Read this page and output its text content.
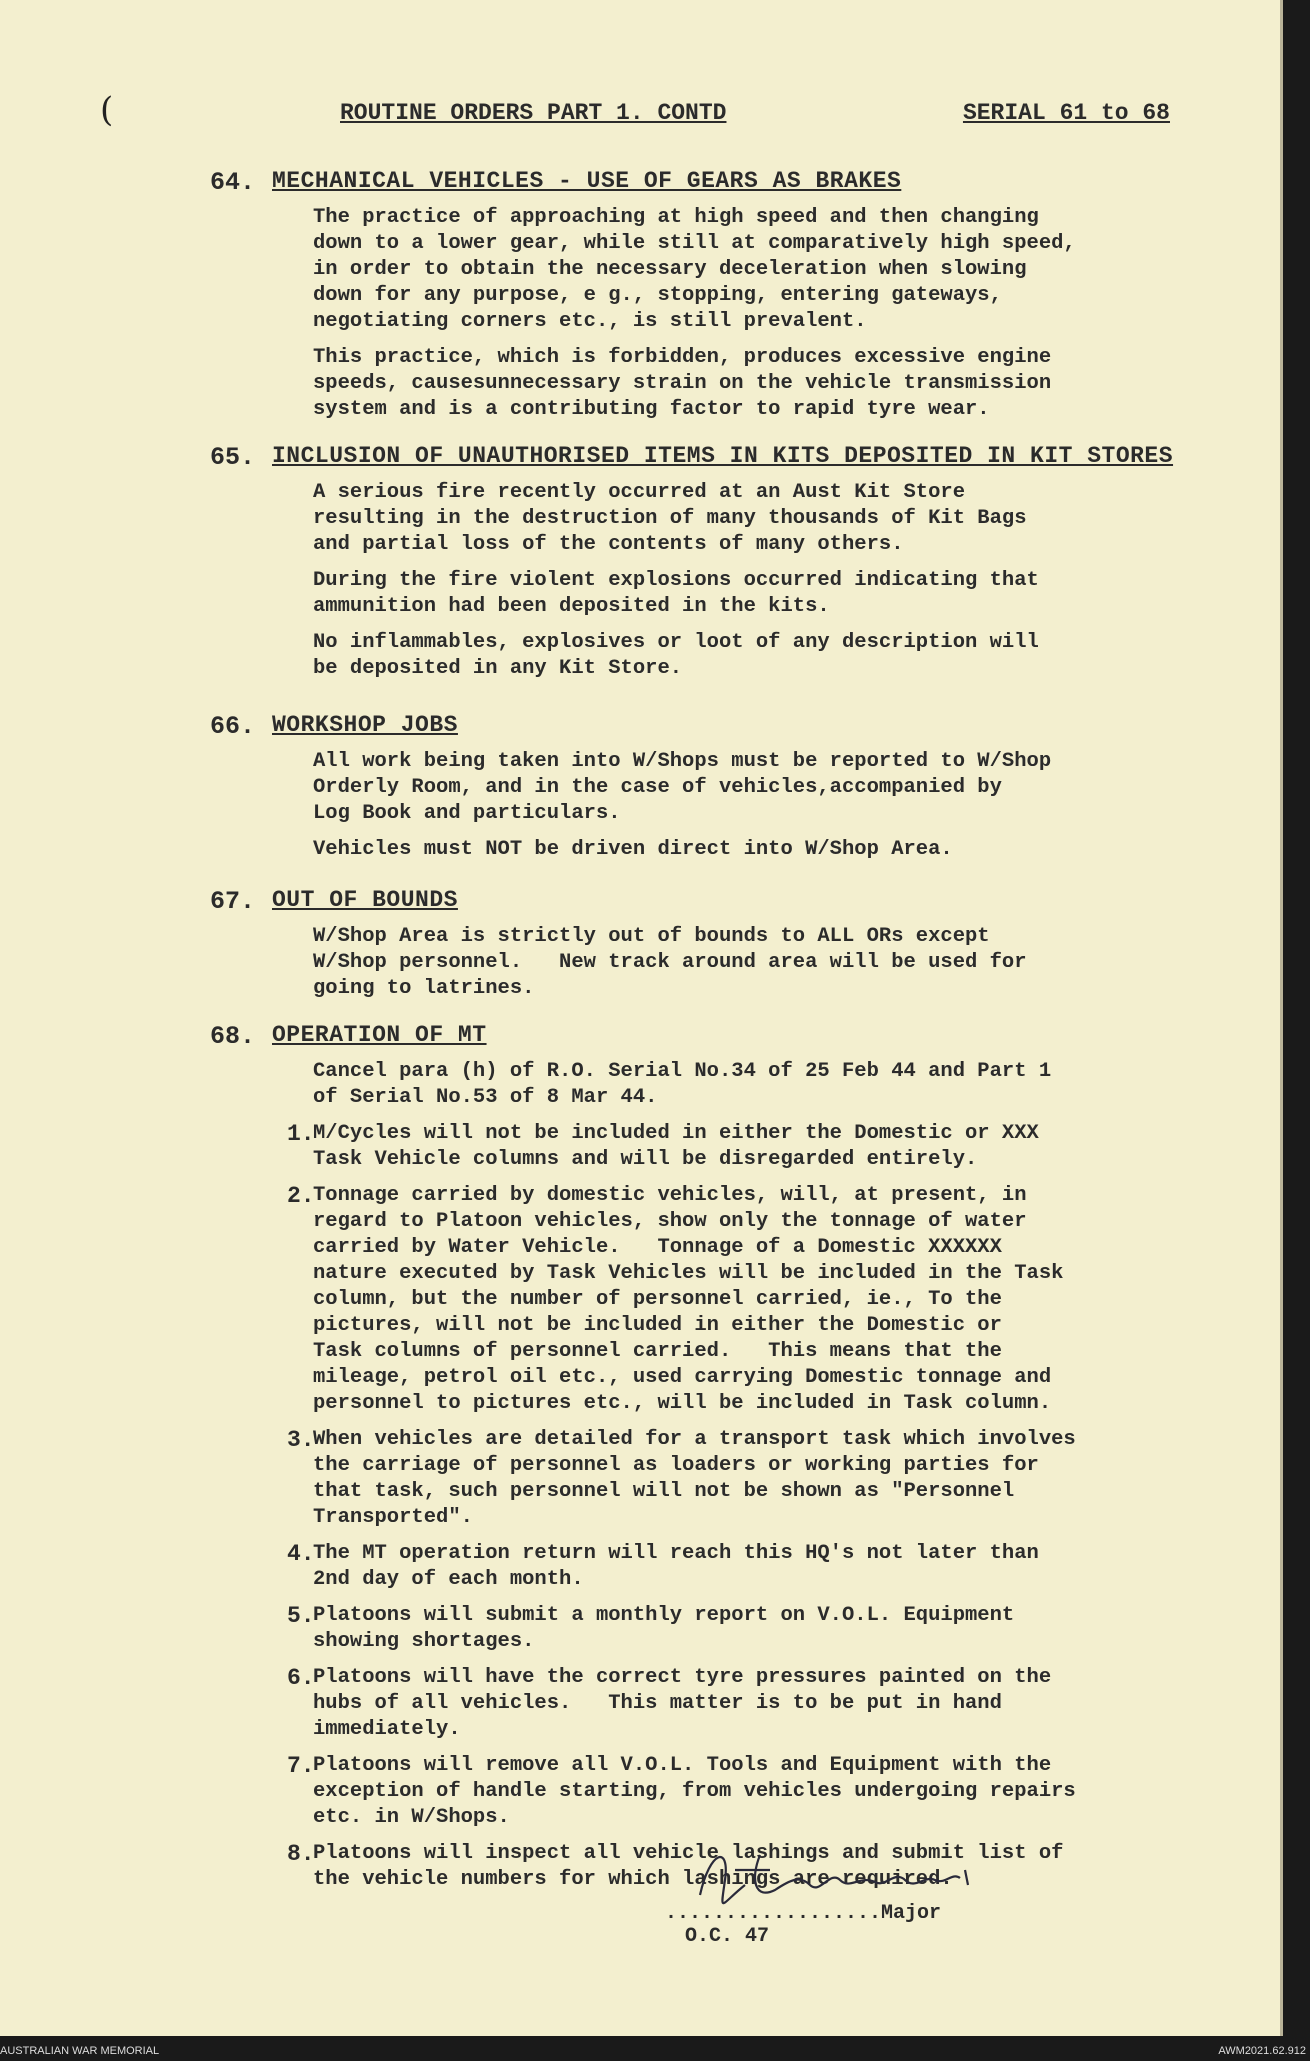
(	ROUTINE ORDERS PART 1. CONTD	SERIAL 61 to 68
64. MECHANICAL VEHICLES - USE OF GEARS AS BRAKES

The practice of approaching at high speed and then changing
down to a lower gear, while still at comparatively high speed,
in order to obtain the necessary deceleration when slowing
down for any purpose, e g., stopping, entering gateways,
negotiating corners etc., is still prevalent.

This practice, which is forbidden, produces excessive engine
speeds, causesunnecessary strain on the vehicle transmission
system and is a contributing factor to rapid tyre wear.

65. INCLUSION OF UNAUTHORISED ITEMS IN KITS DEPOSITED IN KIT STORES

A serious fire recently occurred at an Aust Kit Store
resulting in the destruction of many thousands of Kit Bags
and partial loss of the contents of many others.

During the fire violent explosions occurred indicating that
ammunition had been deposited in the kits.

No inflammables, explosives or loot of any description will
be deposited in any Kit Store.

66. WORKSHOP JOBS

All work being taken into W/Shops must be reported to W/Shop
Orderly Room, and in the case of vehicles,accompanied by
Log Book and particulars.

Vehicles must NOT be driven direct into W/Shop Area.

67. OUT OF BOUNDS

W/Shop Area is strictly out of bounds to ALL ORs except
W/Shop personnel.   New track around area will be used for
going to latrines.

68. OPERATION OF MT

Cancel para (h) of R.O. Serial No.34 of 25 Feb 44 and Part 1
of Serial No.53 of 8 Mar 44.

1.
M/Cycles will not be included in either the Domestic or XXX
Task Vehicle columns and will be disregarded entirely.
2.
Tonnage carried by domestic vehicles, will, at present, in
regard to Platoon vehicles, show only the tonnage of water
carried by Water Vehicle.   Tonnage of a Domestic XXXXXX
nature executed by Task Vehicles will be included in the Task
column, but the number of personnel carried, ie., To the
pictures, will not be included in either the Domestic or
Task columns of personnel carried.   This means that the
mileage, petrol oil etc., used carrying Domestic tonnage and
personnel to pictures etc., will be included in Task column.
3.
When vehicles are detailed for a transport task which involves
the carriage of personnel as loaders or working parties for
that task, such personnel will not be shown as "Personnel
Transported".
4.
The MT operation return will reach this HQ's not later than
2nd day of each month.
5.
Platoons will submit a monthly report on V.O.L. Equipment
showing shortages.
6.
Platoons will have the correct tyre pressures painted on the
hubs of all vehicles.   This matter is to be put in hand
immediately.
7.
Platoons will remove all V.O.L. Tools and Equipment with the
exception of handle starting, from vehicles undergoing repairs
etc. in W/Shops.
8.
Platoons will inspect all vehicle lashings and submit list of
the vehicle numbers for which lashings are required.
..................Major
O.C. 47
AUSTRALIAN WAR MEMORIAL	AWM2021.62.912
